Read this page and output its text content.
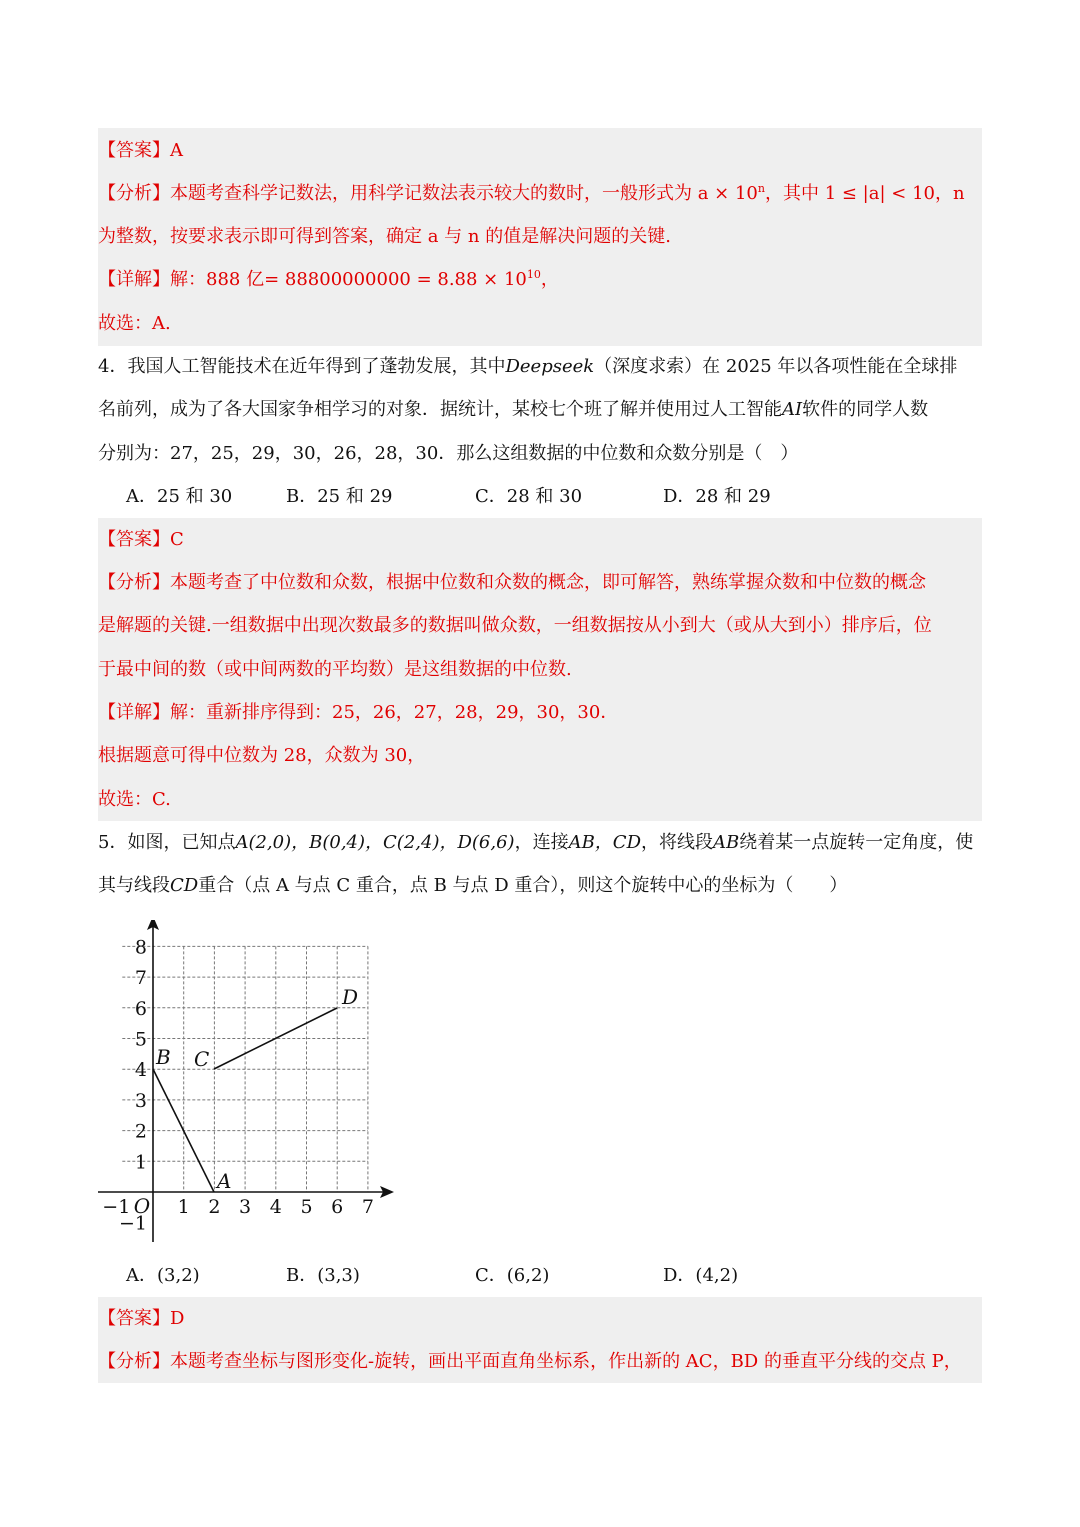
【答案】A
【分析】本题考查科学记数法，用科学记数法表示较大的数时，一般形式为 $a \times 10^n$，其中 1 ≤ |a| < 10，n
为整数，按要求表示即可得到答案，确定 a 与 n 的值是解决问题的关键.
【详解】解：888 亿= $88800000000 = 8.88 \times 10^{10}$，
故选：A.
4．我国人工智能技术在近年得到了蓬勃发展，其中Deepseek（深度求索）在 2025 年以各项性能在全球排
名前列，成为了各大国家争相学习的对象．据统计，某校七个班了解并使用过人工智能AI软件的同学人数
分别为：27，25，29，30，26，28，30．那么这组数据的中位数和众数分别是（　）
A．25 和 30	B．25 和 29	C．28 和 30	D．28 和 29
【答案】C
【分析】本题考查了中位数和众数，根据中位数和众数的概念，即可解答，熟练掌握众数和中位数的概念
是解题的关键.一组数据中出现次数最多的数据叫做众数，一组数据按从小到大（或从大到小）排序后，位
于最中间的数（或中间两数的平均数）是这组数据的中位数.
【详解】解：重新排序得到：25，26，27，28，29，30，30．
根据题意可得中位数为 28，众数为 30，
故选：C.
5．如图，已知点A(2,0)，B(0,4)，C(2,4)，D(6,6)，连接AB，CD，将线段AB绕着某一点旋转一定角度，使
其与线段CD重合（点 A 与点 C 重合，点 B 与点 D 重合），则这个旋转中心的坐标为（　　）
−1 1 2 3 4 5 6 7
−1
1
2
3
4
5
6
7
8
O
A
B C
D
A．(3,2)	B．(3,3)	C．(6,2)	D．(4,2)
【答案】D
【分析】本题考查坐标与图形变化-旋转，画出平面直角坐标系，作出新的 AC，BD 的垂直平分线的交点 P，
